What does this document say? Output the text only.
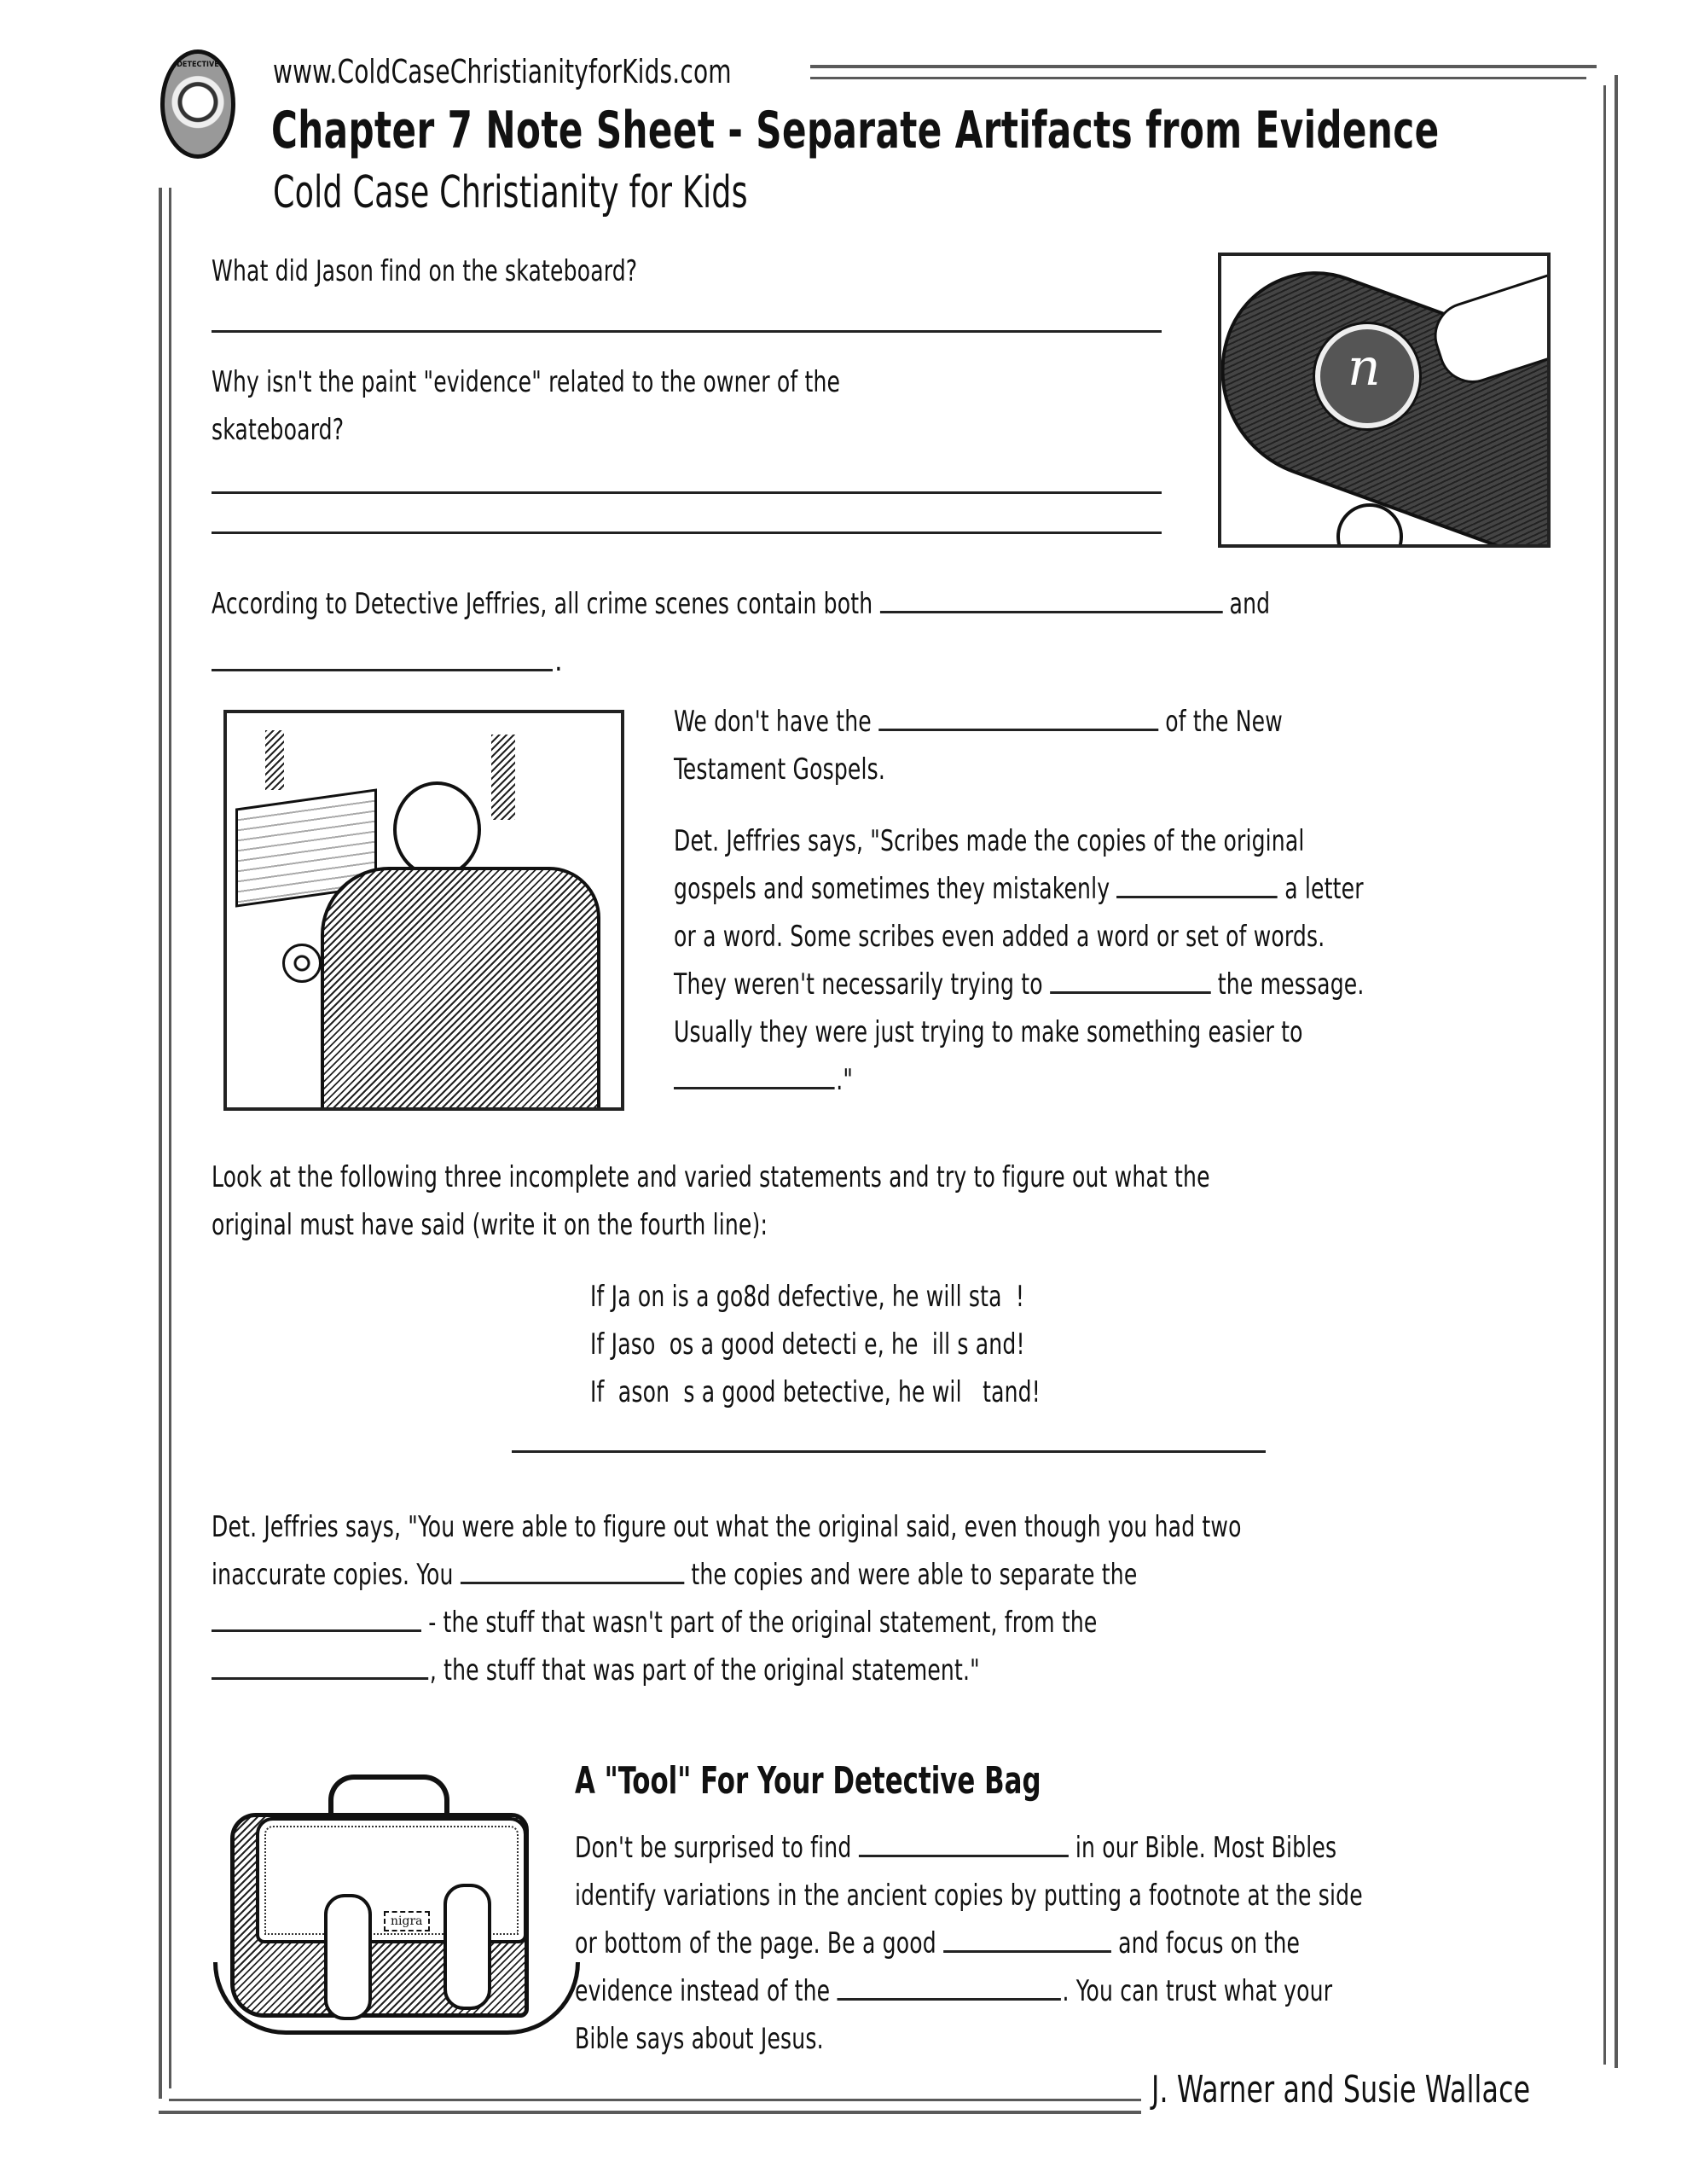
DETECTIVE	www.ColdCaseChristianityforKids.com
Chapter 7 Note Sheet - Separate Artifacts from Evidence
Cold Case Christianity for Kids
What did Jason find on the skateboard?
Why isn't the paint "evidence" related to the owner of the
skateboard?
n
According to Detective Jeffries, all crime scenes contain both	and
.
We don't have the	of the New
Testament Gospels.
Det. Jeffries says, "Scribes made the copies of the original
gospels and sometimes they mistakenly	a letter
or a word. Some scribes even added a word or set of words.
They weren't necessarily trying to	the message.
Usually they were just trying to make something easier to
."
Look at the following three incomplete and varied statements and try to figure out what the
original must have said (write it on the fourth line):
If Ja on is a go8d defective, he will sta  !
If Jaso  os a good detecti e, he  ill s and!
If  ason  s a good betective, he wil   tand!
Det. Jeffries says, "You were able to figure out what the original said, even though you had two
inaccurate copies. You	the copies and were able to separate the
- the stuff that wasn't part of the original statement, from the
, the stuff that was part of the original statement."
nigra
A "Tool" For Your Detective Bag
Don't be surprised to find	in our Bible. Most Bibles
identify variations in the ancient copies by putting a footnote at the side
or bottom of the page. Be a good	and focus on the
evidence instead of the	. You can trust what your
Bible says about Jesus.
J. Warner and Susie Wallace
